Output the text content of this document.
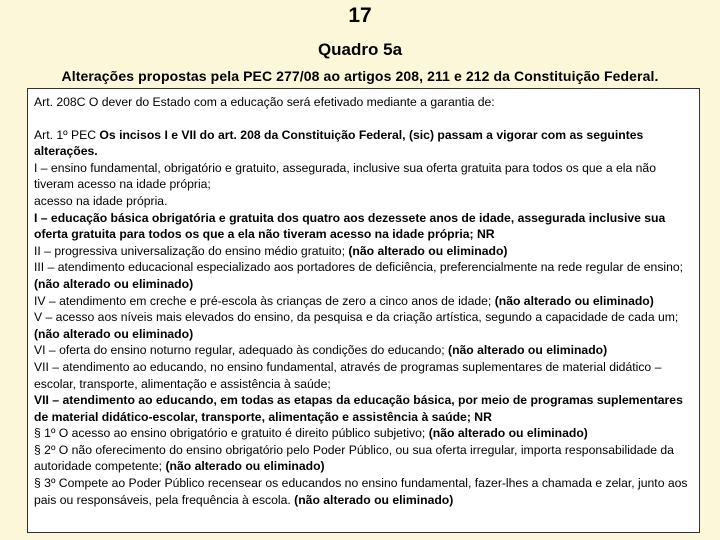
17
Quadro 5a
Alterações propostas pela PEC 277/08 ao artigos 208, 211 e 212 da Constituição Federal.

Art. 208C O dever do Estado com a educação será efetivado mediante a garantia de:

Art. 1º PEC Os incisos I e VII do art. 208 da Constituição Federal, (sic) passam a vigorar com as seguintes alterações.

I – ensino fundamental, obrigatório e gratuito, assegurada, inclusive sua oferta gratuita para todos os que a ela não tiveram acesso na idade própria;

acesso na idade própria.

I – educação básica obrigatória e gratuita dos quatro aos dezessete anos de idade, assegurada inclusive sua oferta gratuita para todos os que a ela não tiveram acesso na idade própria; NR

II – progressiva universalização do ensino médio gratuito; (não alterado ou eliminado)

III – atendimento educacional especializado aos portadores de deficiência, preferencialmente na rede regular de ensino; (não alterado ou eliminado)

IV – atendimento em creche e pré-escola às crianças de zero a cinco anos de idade; (não alterado ou eliminado)

V – acesso aos níveis mais elevados do ensino, da pesquisa e da criação artística, segundo a capacidade de cada um; (não alterado ou eliminado)

VI – oferta do ensino noturno regular, adequado às condições do educando; (não alterado ou eliminado)

VII – atendimento ao educando, no ensino fundamental, através de programas suplementares de material didático – escolar, transporte, alimentação e assistência à saúde;

VII – atendimento ao educando, em todas as etapas da educação básica, por meio de programas suplementares de material didático-escolar, transporte, alimentação e assistência à saúde; NR

§ 1º O acesso ao ensino obrigatório e gratuito é direito público subjetivo; (não alterado ou eliminado)

§ 2º O não oferecimento do ensino obrigatório pelo Poder Público, ou sua oferta irregular, importa responsabilidade da autoridade competente; (não alterado ou eliminado)

§ 3º Compete ao Poder Público recensear os educandos no ensino fundamental, fazer-lhes a chamada e zelar, junto aos pais ou responsáveis, pela frequência à escola. (não alterado ou eliminado)
